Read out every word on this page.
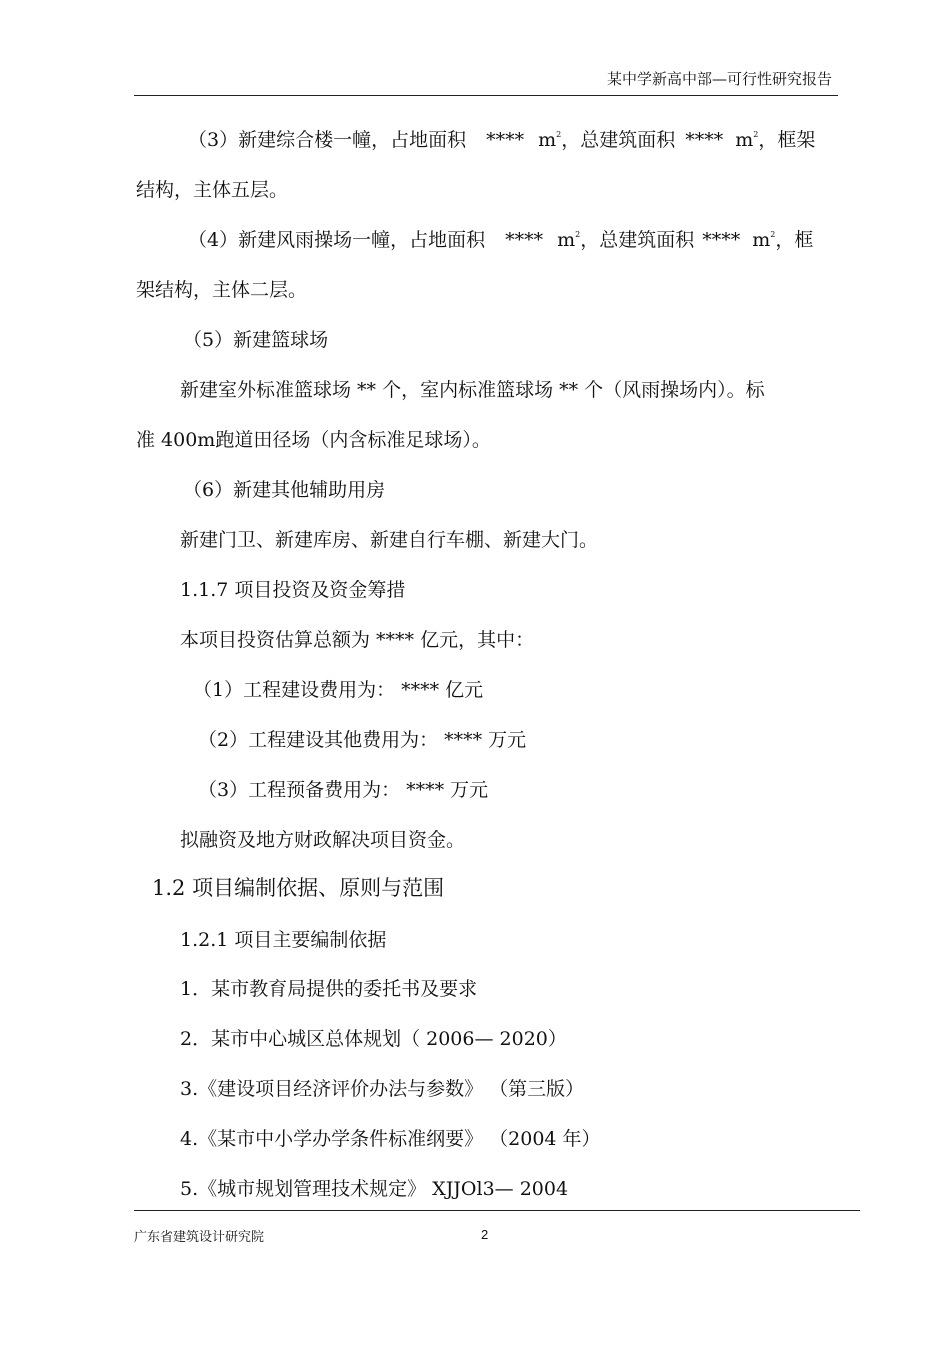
某中学新高中部—可行性研究报告
（3）新建综合楼一幢，占地面积 **** $m^2$，总建筑面积 **** $m^2$，框架
结构，主体五层。
（4）新建风雨操场一幢，占地面积 **** $m^2$，总建筑面积 **** $m^2$，框
架结构，主体二层。
（5）新建篮球场
新建室外标准篮球场 ** 个，室内标准篮球场 ** 个（风雨操场内）。标
准 400m跑道田径场（内含标准足球场）。
（6）新建其他辅助用房
新建门卫、新建库房、新建自行车棚、新建大门。
1.1.7 项目投资及资金筹措
本项目投资估算总额为 **** 亿元，其中：
（1）工程建设费用为： **** 亿元
（2）工程建设其他费用为： **** 万元
（3）工程预备费用为： **** 万元
拟融资及地方财政解决项目资金。
1.2 项目编制依据、原则与范围
1.2.1 项目主要编制依据
1．某市教育局提供的委托书及要求
2．某市中心城区总体规划（ 2006— 2020）
3.《建设项目经济评价办法与参数》 （第三版）
4.《某市中小学办学条件标准纲要》 （2004 年）
5.《城市规划管理技术规定》 XJJOl3— 2004
广东省建筑设计研究院	2
